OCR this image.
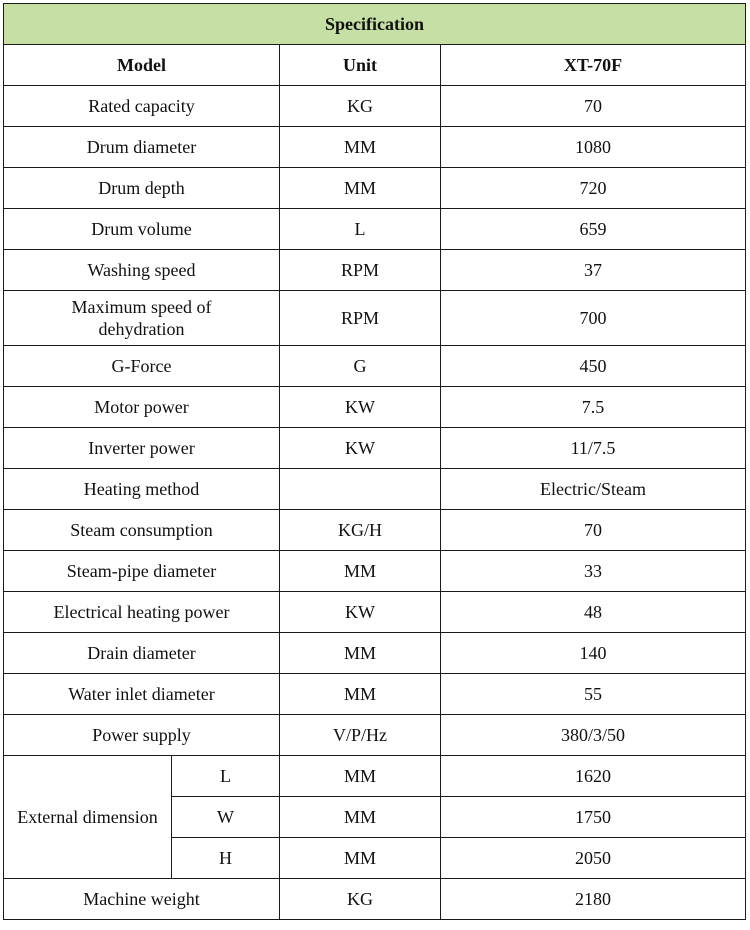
Specification			
Model		Unit	XT-70F
Rated capacity		KG	70
Drum diameter		MM	1080
Drum depth		MM	720
Drum volume		L	659
Washing speed		RPM	37
Maximum speed of dehydration		RPM	700
G-Force		G	450
Motor power		KW	7.5
Inverter power		KW	11/7.5
Heating method			Electric/Steam
Steam consumption		KG/H	70
Steam-pipe diameter		MM	33
Electrical heating power		KW	48
Drain diameter		MM	140
Water inlet diameter		MM	55
Power supply		V/P/Hz	380/3/50
External dimension	L	MM	1620
	W	MM	1750
	H	MM	2050
Machine weight		KG	2180
